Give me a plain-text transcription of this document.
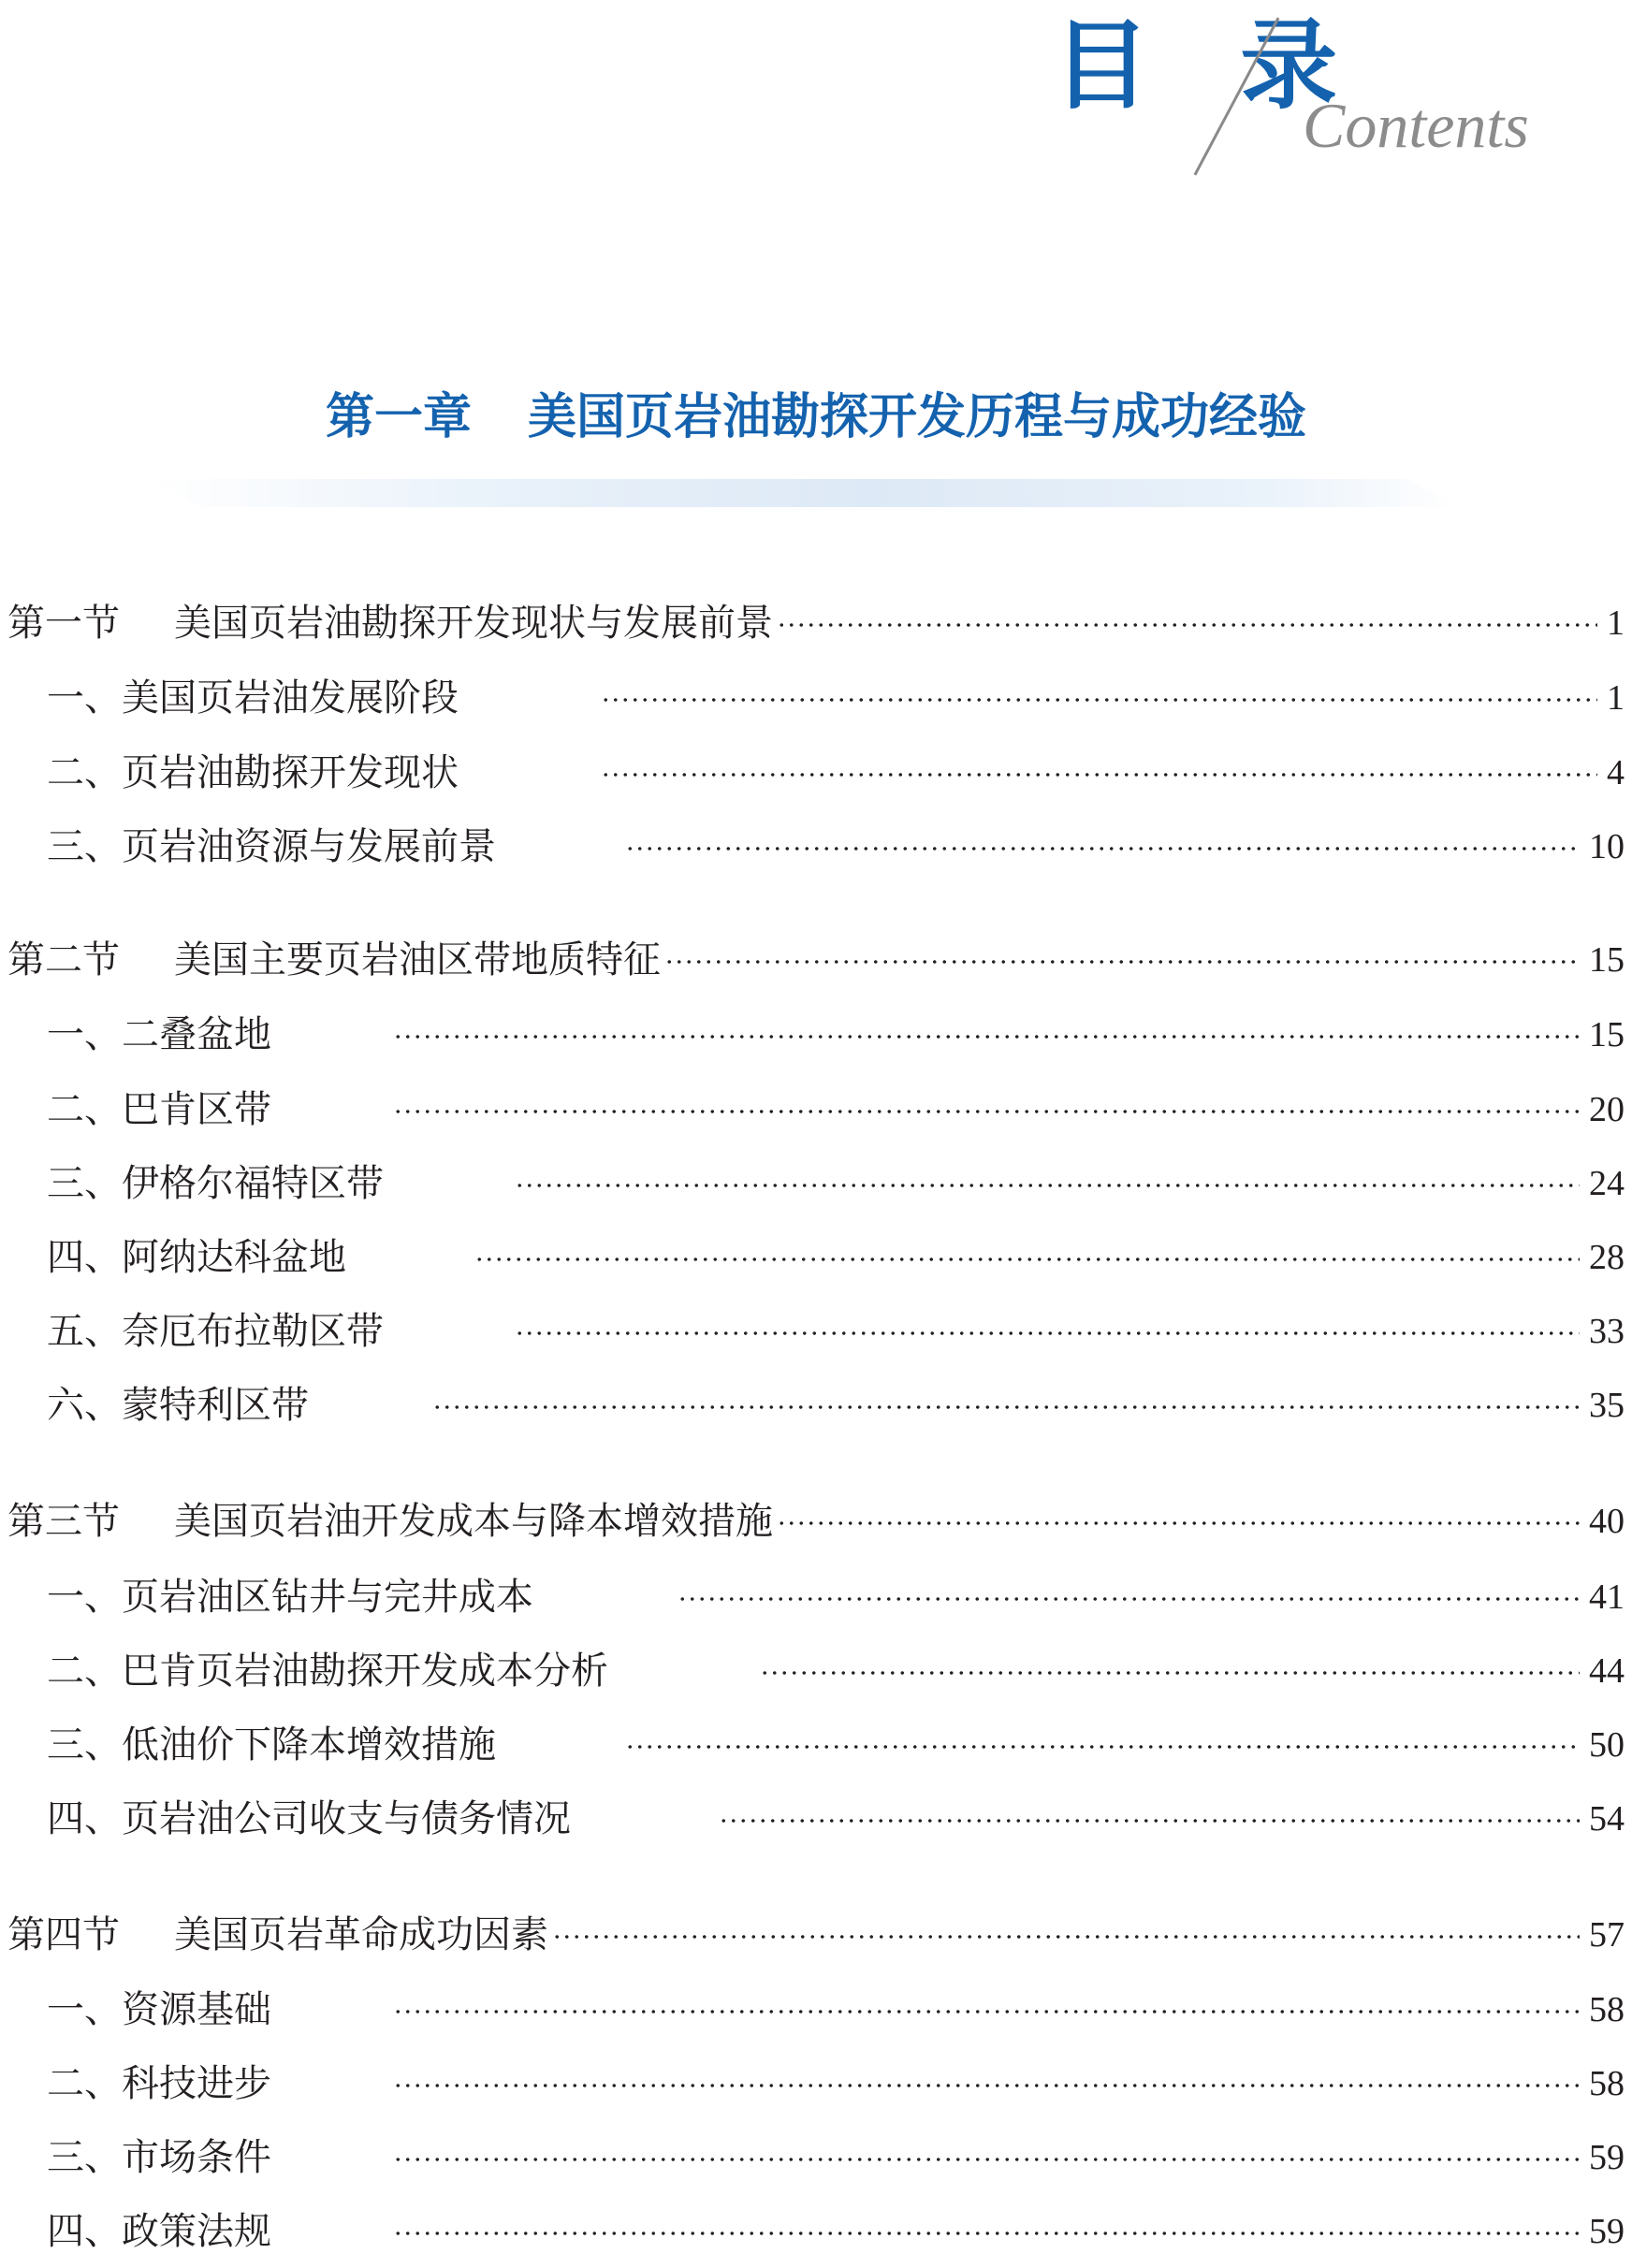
目 录
Contents
第一章 美国页岩油勘探开发历程与成功经验
第一节 美国页岩油勘探开发现状与发展前景	1
一、美国页岩油发展阶段	1
二、页岩油勘探开发现状	4
三、页岩油资源与发展前景	10
第二节 美国主要页岩油区带地质特征	15
一、二叠盆地	15
二、巴肯区带	20
三、伊格尔福特区带	24
四、阿纳达科盆地	28
五、奈厄布拉勒区带	33
六、蒙特利区带	35
第三节 美国页岩油开发成本与降本增效措施	40
一、页岩油区钻井与完井成本	41
二、巴肯页岩油勘探开发成本分析	44
三、低油价下降本增效措施	50
四、页岩油公司收支与债务情况	54
第四节 美国页岩革命成功因素	57
一、资源基础	58
二、科技进步	58
三、市场条件	59
四、政策法规	59
